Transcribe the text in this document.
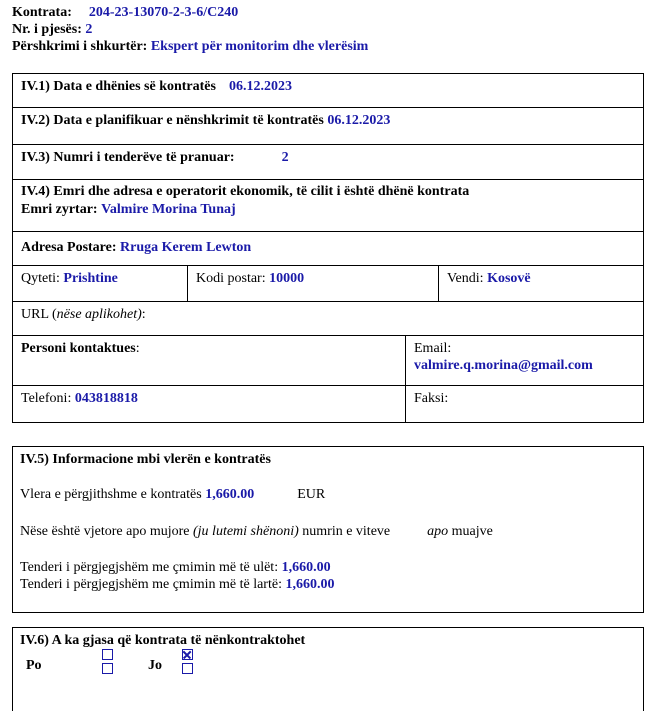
Kontrata: 204-23-13070-2-3-6/C240
Nr. i pjesës: 2
Përshkrimi i shkurtër: Ekspert për monitorim dhe vlerësim
IV.1) Data e dhënies së kontratës 06.12.2023
IV.2) Data e planifikuar e nënshkrimit të kontratës 06.12.2023
IV.3) Numri i tenderëve të pranuar:	2
IV.4) Emri dhe adresa e operatorit ekonomik, të cilit i është dhënë kontrata
Emri zyrtar: Valmire Morina Tunaj
Adresa Postare: Rruga Kerem Lewton
Qyteti: Prishtine	Kodi postar: 10000	Vendi: Kosovë
URL (nëse aplikohet):
Personi kontaktues:	Email:
valmire.q.morina@gmail.com
Telefoni: 043818818	Faksi:
IV.5) Informacione mbi vlerën e kontratës
Vlera e përgjithshme e kontratës 1,660.00	EUR
Nëse është vjetore apo mujore (ju lutemi shënoni) numrin e viteve	apo muajve
Tenderi i përgjegjshëm me çmimin më të ulët: 1,660.00
Tenderi i përgjegjshëm me çmimin më të lartë: 1,660.00
IV.6) A ka gjasa që kontrata të nënkontraktohet
Po	Jo
